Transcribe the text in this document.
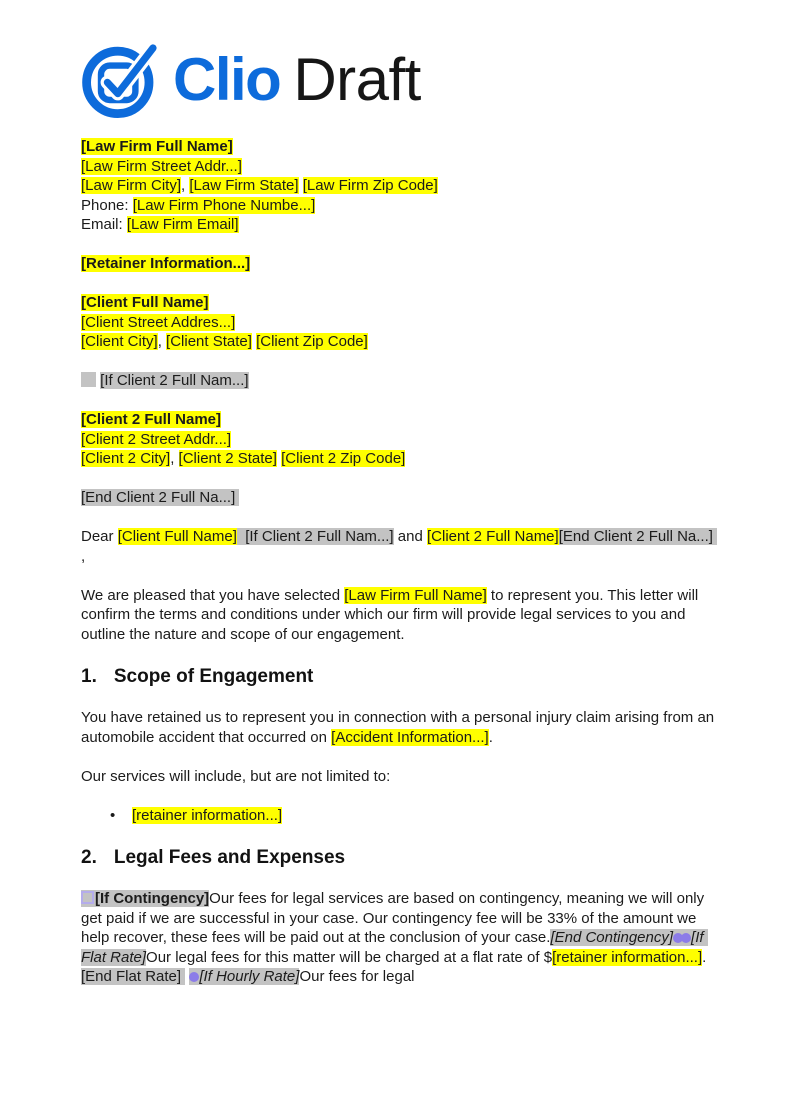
Clio Draft

[Law Firm Full Name]
[Law Firm Street Addr...]
[Law Firm City], [Law Firm State] [Law Firm Zip Code]
Phone: [Law Firm Phone Numbe...]
Email: [Law Firm Email]

[Retainer Information...]

[Client Full Name]
[Client Street Addres...]
[Client City], [Client State] [Client Zip Code]

[If Client 2 Full Nam...]

[Client 2 Full Name]
[Client 2 Street Addr...]
[Client 2 City], [Client 2 State] [Client 2 Zip Code]

[End Client 2 Full Na...]

Dear [Client Full Name]  [If Client 2 Full Nam...] and [Client 2 Full Name][End Client 2 Full Na...]  ,

We are pleased that you have selected [Law Firm Full Name] to represent you. This letter will confirm the terms and conditions under which our firm will provide legal services to you and outline the nature and scope of our engagement.

1. Scope of Engagement

You have retained us to represent you in connection with a personal injury claim arising from an automobile accident that occurred on [Accident Information...].

Our services will include, but are not limited to:

• [retainer information...]

2. Legal Fees and Expenses

[If Contingency]Our fees for legal services are based on contingency, meaning we will only get paid if we are successful in your case. Our contingency fee will be 33% of the amount we help recover, these fees will be paid out at the conclusion of your case.[End Contingency] [If Flat Rate]Our legal fees for this matter will be charged at a flat rate of $[retainer information...].[End Flat Rate]  [If Hourly Rate]Our fees for legal
